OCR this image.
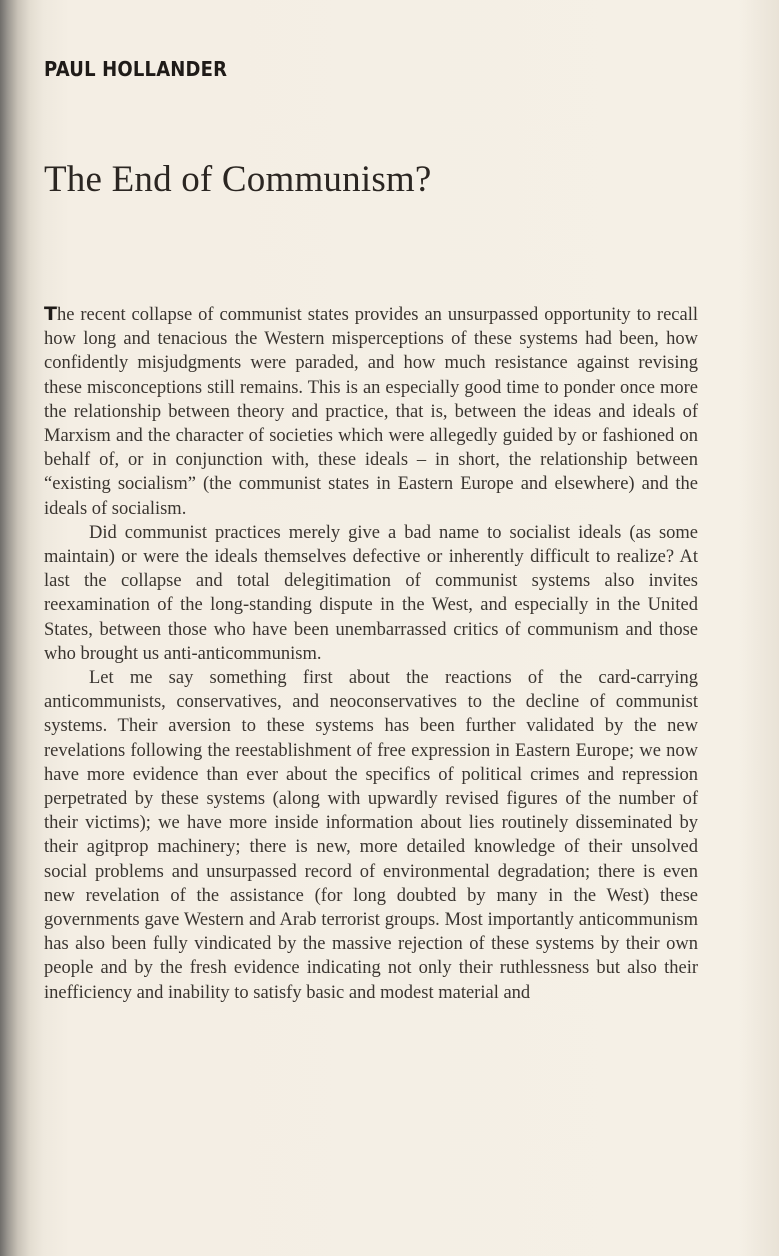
PAUL HOLLANDER
The End of Communism?

The recent collapse of communist states provides an unsurpassed opportunity to recall how long and tenacious the Western misperceptions of these systems had been, how confidently misjudgments were paraded, and how much resistance against revising these misconceptions still remains. This is an especially good time to ponder once more the relationship between theory and practice, that is, between the ideas and ideals of Marxism and the character of societies which were allegedly guided by or fashioned on behalf of, or in conjunction with, these ideals – in short, the relationship between “existing socialism” (the communist states in Eastern Europe and elsewhere) and the ideals of socialism.

Did communist practices merely give a bad name to socialist ideals (as some maintain) or were the ideals themselves defective or inherently difficult to realize? At last the collapse and total delegitimation of communist systems also invites reexamination of the long-standing dispute in the West, and especially in the United States, between those who have been unembarrassed critics of communism and those who brought us anti-anticommunism.

Let me say something first about the reactions of the card-carrying anticommunists, conservatives, and neoconservatives to the decline of communist systems. Their aversion to these systems has been further validated by the new revelations following the reestablishment of free expression in Eastern Europe; we now have more evidence than ever about the specifics of political crimes and repression perpetrated by these systems (along with upwardly revised figures of the number of their victims); we have more inside information about lies routinely disseminated by their agitprop machinery; there is new, more detailed knowledge of their unsolved social problems and unsurpassed record of environmental degradation; there is even new revelation of the assistance (for long doubted by many in the West) these governments gave Western and Arab terrorist groups. Most importantly anticommunism has also been fully vindicated by the massive rejection of these systems by their own people and by the fresh evidence indicating not only their ruthlessness but also their inefficiency and inability to satisfy basic and modest material and
